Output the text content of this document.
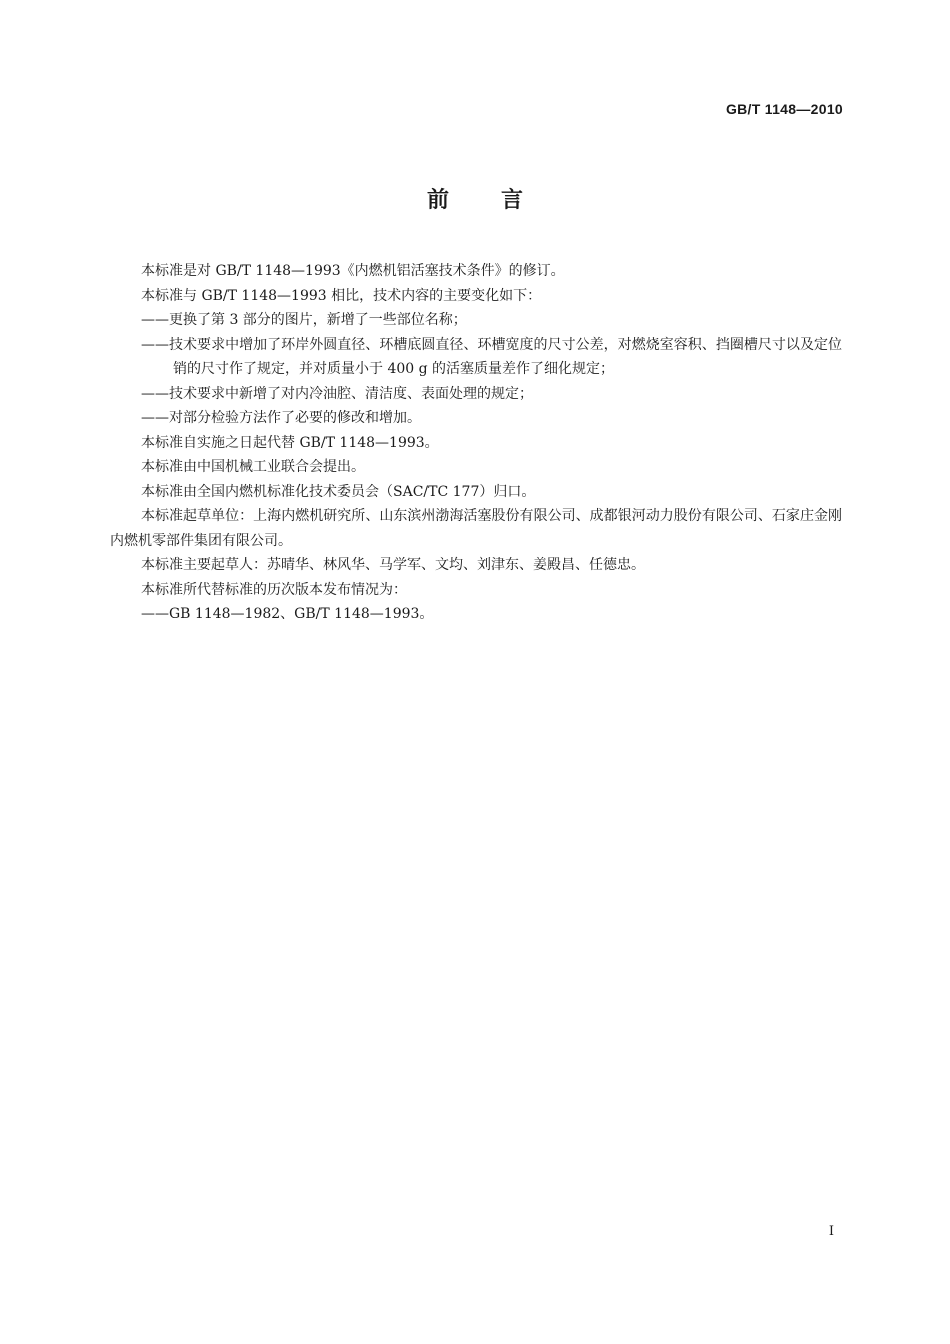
GB/T 1148—2010
前言

本标准是对 GB/T 1148—1993《内燃机铝活塞技术条件》的修订。

本标准与 GB/T 1148—1993 相比，技术内容的主要变化如下：

——更换了第 3 部分的图片，新增了一些部位名称；

——技术要求中增加了环岸外圆直径、环槽底圆直径、环槽宽度的尺寸公差，对燃烧室容积、挡圈槽尺寸以及定位销的尺寸作了规定，并对质量小于 400 g 的活塞质量差作了细化规定；

——技术要求中新增了对内冷油腔、清洁度、表面处理的规定；

——对部分检验方法作了必要的修改和增加。

本标准自实施之日起代替 GB/T 1148—1993。

本标准由中国机械工业联合会提出。

本标准由全国内燃机标准化技术委员会（SAC/TC 177）归口。

本标准起草单位：上海内燃机研究所、山东滨州渤海活塞股份有限公司、成都银河动力股份有限公司、石家庄金刚内燃机零部件集团有限公司。

本标准主要起草人：苏晴华、林风华、马学军、文均、刘津东、姜殿昌、任德忠。

本标准所代替标准的历次版本发布情况为：

——GB 1148—1982、GB/T 1148—1993。

I
